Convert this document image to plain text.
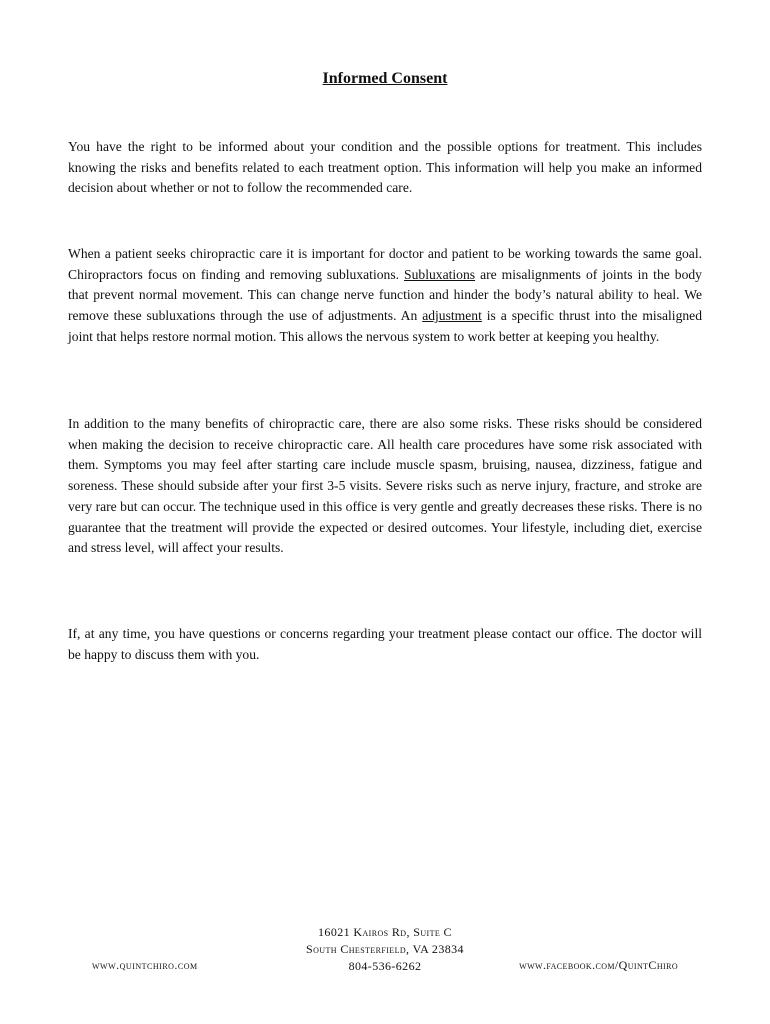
Informed Consent

You have the right to be informed about your condition and the possible options for treatment. This includes knowing the risks and benefits related to each treatment option. This information will help you make an informed decision about whether or not to follow the recommended care.

When a patient seeks chiropractic care it is important for doctor and patient to be working towards the same goal. Chiropractors focus on finding and removing subluxations. Subluxations are misalignments of joints in the body that prevent normal movement. This can change nerve function and hinder the body’s natural ability to heal. We remove these subluxations through the use of adjustments. An adjustment is a specific thrust into the misaligned joint that helps restore normal motion. This allows the nervous system to work better at keeping you healthy.

In addition to the many benefits of chiropractic care, there are also some risks. These risks should be considered when making the decision to receive chiropractic care. All health care procedures have some risk associated with them. Symptoms you may feel after starting care include muscle spasm, bruising, nausea, dizziness, fatigue and soreness. These should subside after your first 3-5 visits. Severe risks such as nerve injury, fracture, and stroke are very rare but can occur. The technique used in this office is very gentle and greatly decreases these risks. There is no guarantee that the treatment will provide the expected or desired outcomes. Your lifestyle, including diet, exercise and stress level, will affect your results.

If, at any time, you have questions or concerns regarding your treatment please contact our office. The doctor will be happy to discuss them with you.

16021 Kairos Rd, Suite C
South Chesterfield, VA 23834
804-536-6262
www.quintchiro.com	www.facebook.com/QuintChiro
